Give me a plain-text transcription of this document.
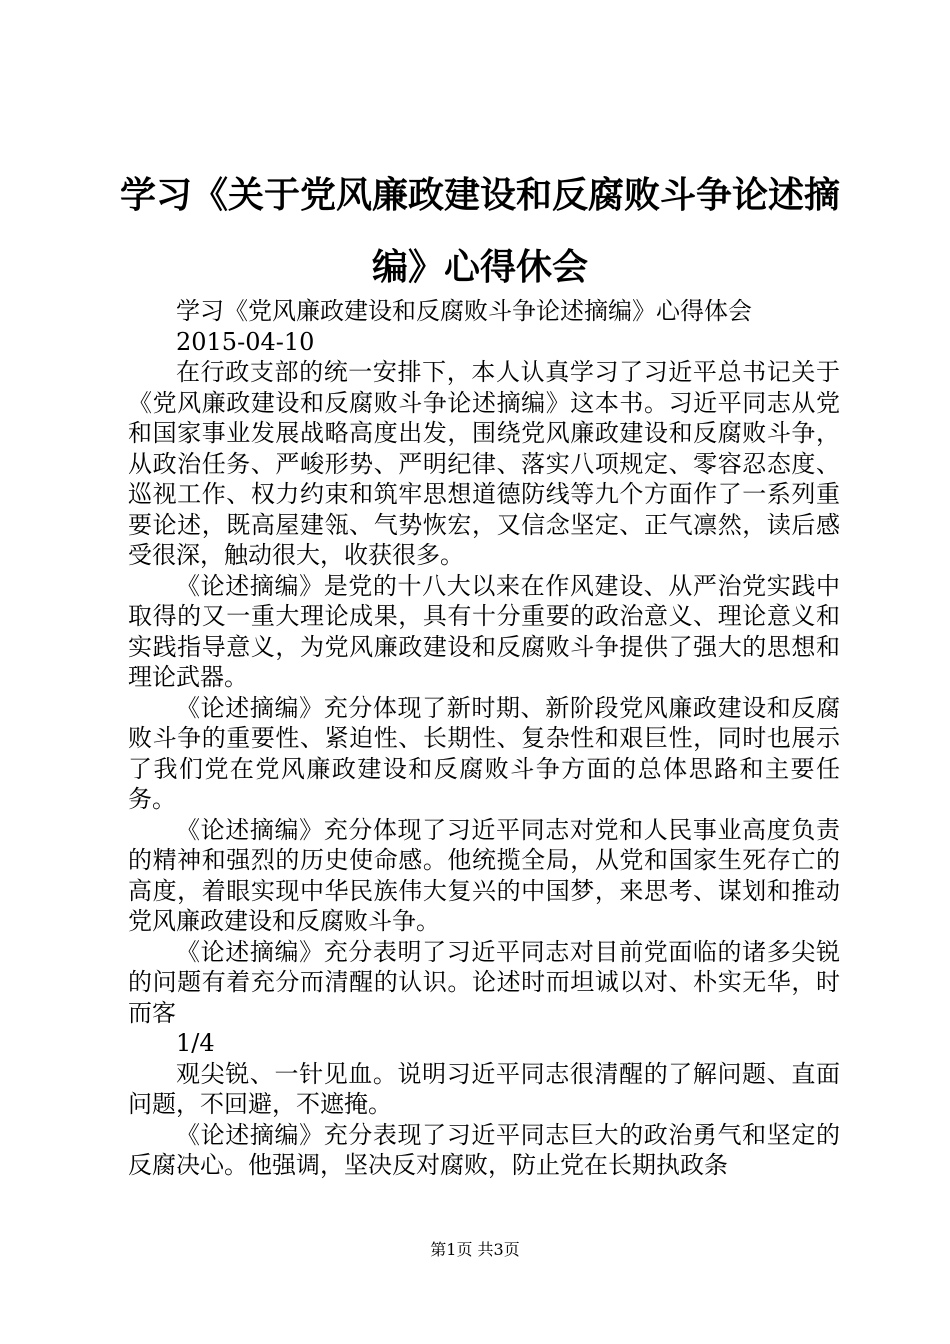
学习《关于党风廉政建设和反腐败斗争论述摘编》心得休会

学习《党风廉政建设和反腐败斗争论述摘编》心得体会

2015-04-10

在行政支部的统一安排下，本人认真学习了习近平总书记关于《党风廉政建设和反腐败斗争论述摘编》这本书。习近平同志从党和国家事业发展战略高度出发，围绕党风廉政建设和反腐败斗争，从政治任务、严峻形势、严明纪律、落实八项规定、零容忍态度、巡视工作、权力约束和筑牢思想道德防线等九个方面作了一系列重要论述，既高屋建瓴、气势恢宏，又信念坚定、正气凛然，读后感受很深，触动很大，收获很多。

《论述摘编》是党的十八大以来在作风建设、从严治党实践中取得的又一重大理论成果，具有十分重要的政治意义、理论意义和实践指导意义，为党风廉政建设和反腐败斗争提供了强大的思想和理论武器。

《论述摘编》充分体现了新时期、新阶段党风廉政建设和反腐败斗争的重要性、紧迫性、长期性、复杂性和艰巨性，同时也展示了我们党在党风廉政建设和反腐败斗争方面的总体思路和主要任务。

《论述摘编》充分体现了习近平同志对党和人民事业高度负责的精神和强烈的历史使命感。他统揽全局，从党和国家生死存亡的高度，着眼实现中华民族伟大复兴的中国梦，来思考、谋划和推动党风廉政建设和反腐败斗争。

《论述摘编》充分表明了习近平同志对目前党面临的诸多尖锐的问题有着充分而清醒的认识。论述时而坦诚以对、朴实无华，时而客

1/4

观尖锐、一针见血。说明习近平同志很清醒的了解问题、直面问题，不回避，不遮掩。

《论述摘编》充分表现了习近平同志巨大的政治勇气和坚定的反腐决心。他强调，坚决反对腐败，防止党在长期执政条

第1页 共3页
